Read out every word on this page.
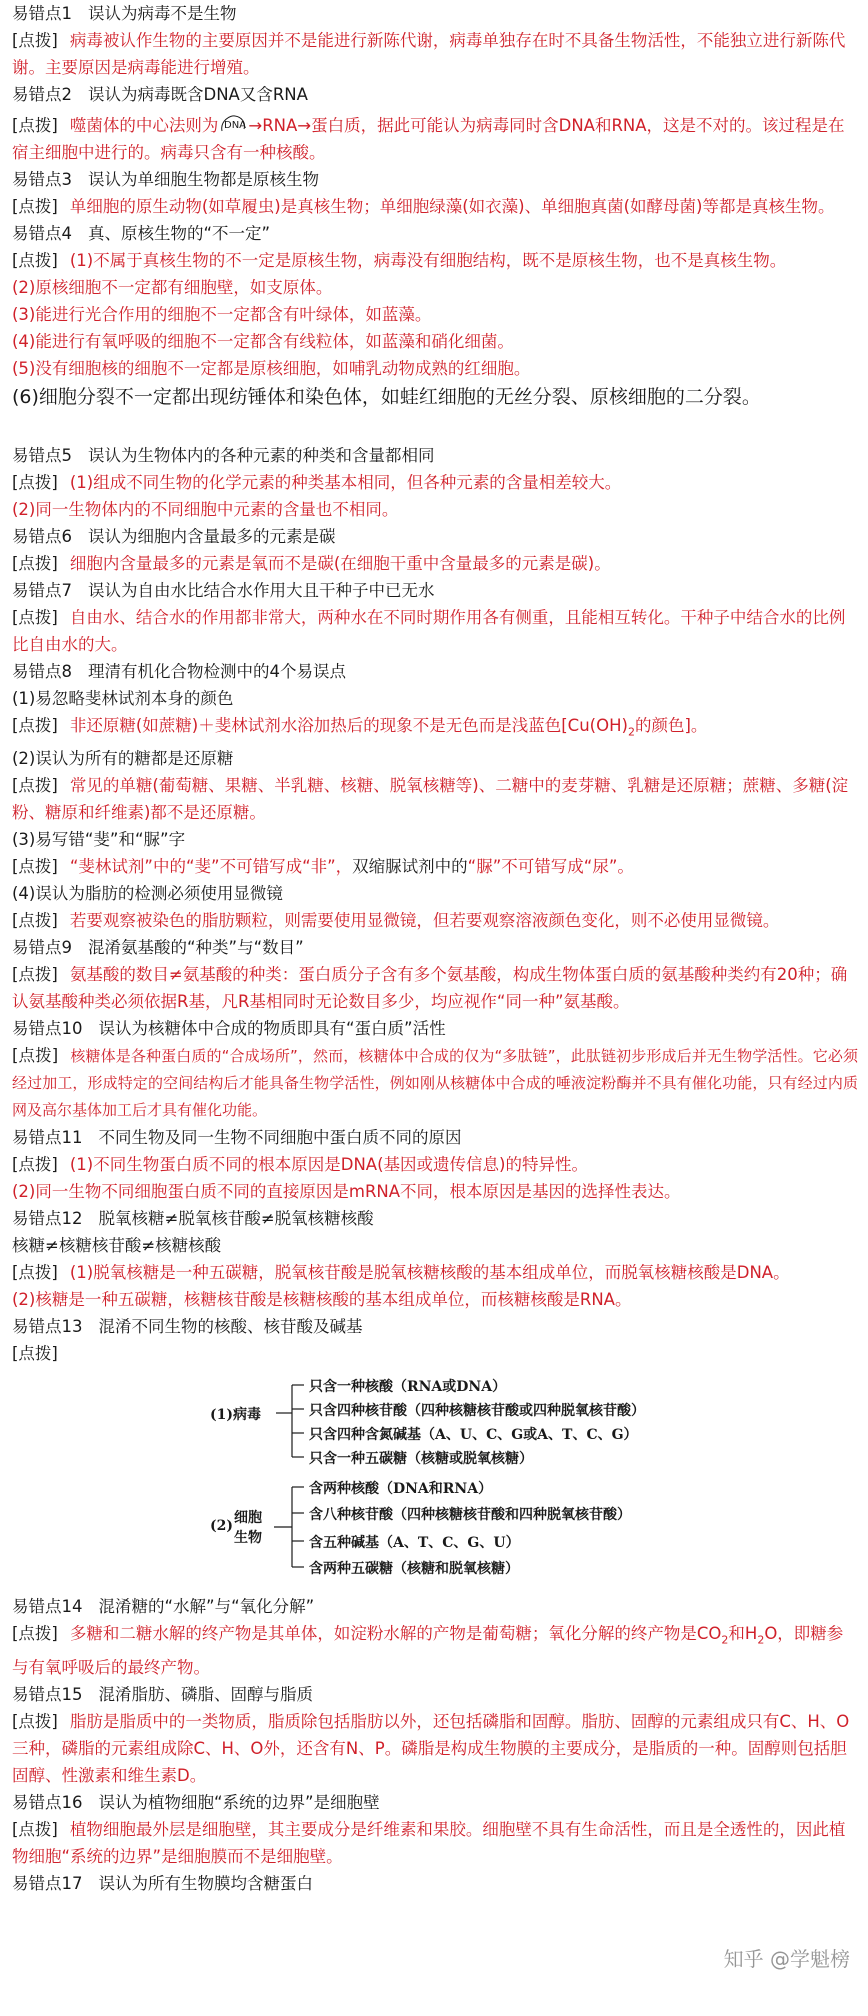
易错点1 误认为病毒不是生物
[点拨] 病毒被认作生物的主要原因并不是能进行新陈代谢，病毒单独存在时不具备生物活性，不能独立进行新陈代谢。主要原因是病毒能进行增殖。
易错点2 误认为病毒既含DNA又含RNA
[点拨] 噬菌体的中心法则为 DNA →RNA→蛋白质，据此可能认为病毒同时含DNA和RNA，这是不对的。该过程是在宿主细胞中进行的。病毒只含有一种核酸。
易错点3 误认为单细胞生物都是原核生物
[点拨] 单细胞的原生动物(如草履虫)是真核生物；单细胞绿藻(如衣藻)、单细胞真菌(如酵母菌)等都是真核生物。
易错点4 真、原核生物的“不一定”
[点拨] (1)不属于真核生物的不一定是原核生物，病毒没有细胞结构，既不是原核生物，也不是真核生物。
(2)原核细胞不一定都有细胞壁，如支原体。
(3)能进行光合作用的细胞不一定都含有叶绿体，如蓝藻。
(4)能进行有氧呼吸的细胞不一定都含有线粒体，如蓝藻和硝化细菌。
(5)没有细胞核的细胞不一定都是原核细胞，如哺乳动物成熟的红细胞。
(6)细胞分裂不一定都出现纺锤体和染色体，如蛙红细胞的无丝分裂、原核细胞的二分裂。
易错点5 误认为生物体内的各种元素的种类和含量都相同
[点拨] (1)组成不同生物的化学元素的种类基本相同，但各种元素的含量相差较大。
(2)同一生物体内的不同细胞中元素的含量也不相同。
易错点6 误认为细胞内含量最多的元素是碳
[点拨] 细胞内含量最多的元素是氧而不是碳(在细胞干重中含量最多的元素是碳)。
易错点7 误认为自由水比结合水作用大且干种子中已无水
[点拨] 自由水、结合水的作用都非常大，两种水在不同时期作用各有侧重，且能相互转化。干种子中结合水的比例比自由水的大。
易错点8 理清有机化合物检测中的4个易误点
(1)易忽略斐林试剂本身的颜色
[点拨] 非还原糖(如蔗糖)＋斐林试剂水浴加热后的现象不是无色而是浅蓝色[$Cu(OH)_2$的颜色]。
(2)误认为所有的糖都是还原糖
[点拨] 常见的单糖(葡萄糖、果糖、半乳糖、核糖、脱氧核糖等)、二糖中的麦芽糖、乳糖是还原糖；蔗糖、多糖(淀粉、糖原和纤维素)都不是还原糖。
(3)易写错“斐”和“脲”字
[点拨] “斐林试剂”中的“斐”不可错写成“非”，双缩脲试剂中的“脲”不可错写成“尿”。
(4)误认为脂肪的检测必须使用显微镜
[点拨] 若要观察被染色的脂肪颗粒，则需要使用显微镜，但若要观察溶液颜色变化，则不必使用显微镜。
易错点9 混淆氨基酸的“种类”与“数目”
[点拨] 氨基酸的数目≠氨基酸的种类：蛋白质分子含有多个氨基酸，构成生物体蛋白质的氨基酸种类约有20种；确认氨基酸种类必须依据R基，凡R基相同时无论数目多少，均应视作“同一种”氨基酸。
易错点10 误认为核糖体中合成的物质即具有“蛋白质”活性
[点拨] 核糖体是各种蛋白质的“合成场所”，然而，核糖体中合成的仅为“多肽链”，此肽链初步形成后并无生物学活性。它必须经过加工，形成特定的空间结构后才能具备生物学活性，例如刚从核糖体中合成的唾液淀粉酶并不具有催化功能，只有经过内质网及高尔基体加工后才具有催化功能。
易错点11 不同生物及同一生物不同细胞中蛋白质不同的原因
[点拨] (1)不同生物蛋白质不同的根本原因是DNA(基因或遗传信息)的特异性。
(2)同一生物不同细胞蛋白质不同的直接原因是mRNA不同，根本原因是基因的选择性表达。
易错点12 脱氧核糖≠脱氧核苷酸≠脱氧核糖核酸
核糖≠核糖核苷酸≠核糖核酸
[点拨] (1)脱氧核糖是一种五碳糖，脱氧核苷酸是脱氧核糖核酸的基本组成单位，而脱氧核糖核酸是DNA。
(2)核糖是一种五碳糖，核糖核苷酸是核糖核酸的基本组成单位，而核糖核酸是RNA。
易错点13 混淆不同生物的核酸、核苷酸及碱基
[点拨]
(1)病毒
只含一种核酸（RNA或DNA）
只含四种核苷酸（四种核糖核苷酸或四种脱氧核苷酸）
只含四种含氮碱基（A、U、C、G或A、T、C、G）
只含一种五碳糖（核糖或脱氧核糖）
(2) 细胞
生物
含两种核酸（DNA和RNA）
含八种核苷酸（四种核糖核苷酸和四种脱氧核苷酸）
含五种碱基（A、T、C、G、U）
含两种五碳糖（核糖和脱氧核糖）
易错点14 混淆糖的“水解”与“氧化分解”
[点拨] 多糖和二糖水解的终产物是其单体，如淀粉水解的产物是葡萄糖；氧化分解的终产物是$CO_2$和$H_2O$，即糖参与有氧呼吸后的最终产物。
易错点15 混淆脂肪、磷脂、固醇与脂质
[点拨] 脂肪是脂质中的一类物质，脂质除包括脂肪以外，还包括磷脂和固醇。脂肪、固醇的元素组成只有C、H、O三种，磷脂的元素组成除C、H、O外，还含有N、P。磷脂是构成生物膜的主要成分，是脂质的一种。固醇则包括胆固醇、性激素和维生素D。
易错点16 误认为植物细胞“系统的边界”是细胞壁
[点拨] 植物细胞最外层是细胞壁，其主要成分是纤维素和果胶。细胞壁不具有生命活性，而且是全透性的，因此植物细胞“系统的边界”是细胞膜而不是细胞壁。
易错点17 误认为所有生物膜均含糖蛋白
知乎 @学魁榜
